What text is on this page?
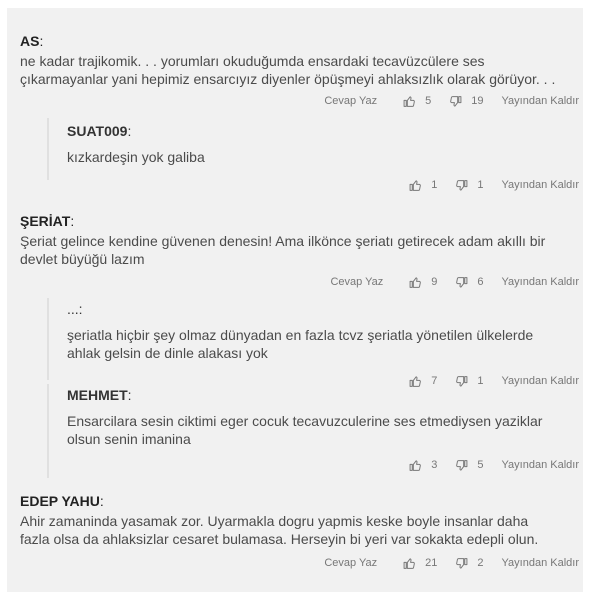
AS:
ne kadar trajikomik. . . yorumları okuduğumda ensardaki tecavüzcülere ses
çıkarmayanlar yani hepimiz ensarcıyız diyenler öpüşmeyi ahlaksızlık olarak görüyor. . .
Cevap Yaz	5	19 Yayından Kaldır
SUAT009:
kızkardeşin yok galiba
1	1 Yayından Kaldır
ŞERİAT:
Şeriat gelince kendine güvenen denesin! Ama ilkönce şeriatı getirecek adam akıllı bir
devlet büyüğü lazım
Cevap Yaz	9	6 Yayından Kaldır
...:
şeriatla hiçbir şey olmaz dünyadan en fazla tcvz şeriatla yönetilen ülkelerde
ahlak gelsin de dinle alakası yok
7	1 Yayından Kaldır
MEHMET:
Ensarcilara sesin ciktimi eger cocuk tecavuzculerine ses etmediysen yaziklar
olsun senin imanina
3	5 Yayından Kaldır
EDEP YAHU:
Ahir zamaninda yasamak zor. Uyarmakla dogru yapmis keske boyle insanlar daha
fazla olsa da ahlaksizlar cesaret bulamasa. Herseyin bi yeri var sokakta edepli olun.
Cevap Yaz	21	2 Yayından Kaldır
